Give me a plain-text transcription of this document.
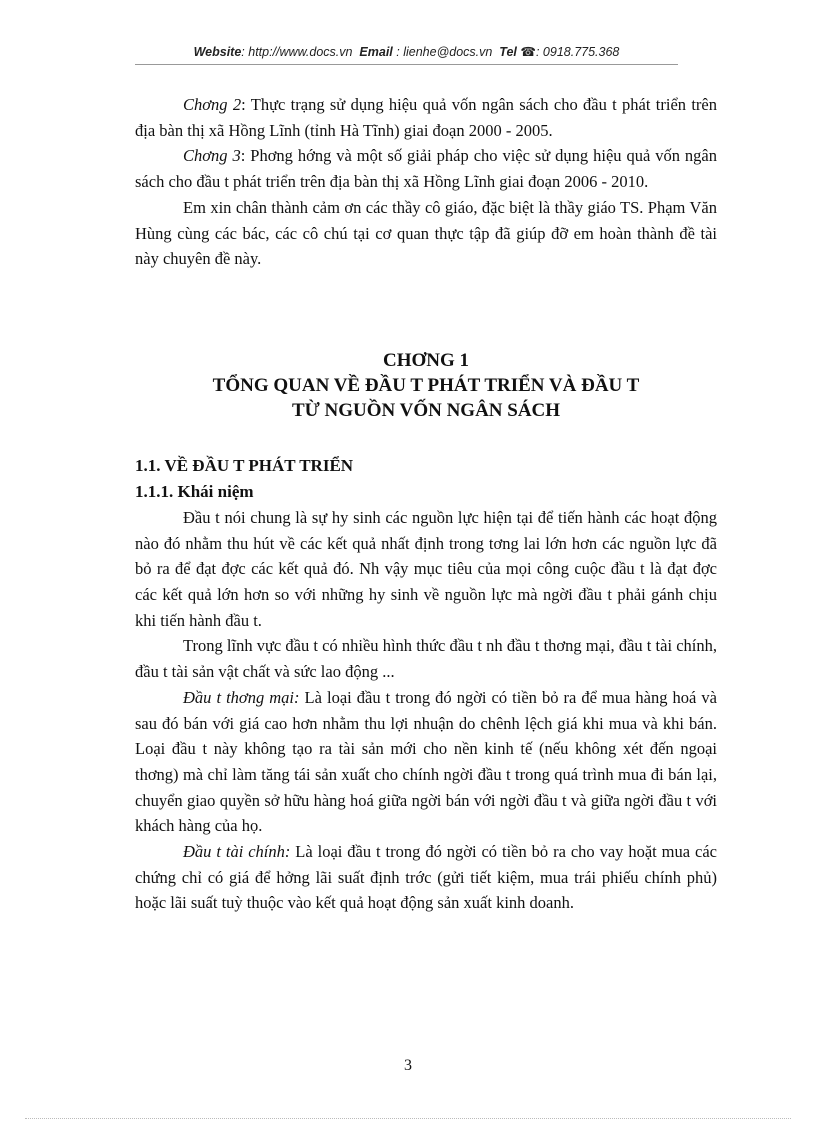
Website: http://www.docs.vn Email : lienhe@docs.vn Tel ☎: 0918.775.368

Chơng 2: Thực trạng sử dụng hiệu quả vốn ngân sách cho đầu t phát triển trên địa bàn thị xã Hồng Lĩnh (tỉnh Hà Tĩnh) giai đoạn 2000 - 2005.

Chơng 3: Phơng hớng và một số giải pháp cho việc sử dụng hiệu quả vốn ngân sách cho đầu t phát triển trên địa bàn thị xã Hồng Lĩnh giai đoạn 2006 - 2010.

Em xin chân thành cảm ơn các thầy cô giáo, đặc biệt là thầy giáo TS. Phạm Văn Hùng cùng các bác, các cô chú tại cơ quan thực tập đã giúp đỡ em hoàn thành đề tài này chuyên đề này.

CHƠNG 1
TỔNG QUAN VỀ ĐẦU T PHÁT TRIỂN VÀ ĐẦU T
TỪ NGUỒN VỐN NGÂN SÁCH
1.1. VỀ ĐẦU T PHÁT TRIỂN
1.1.1. Khái niệm

Đầu t nói chung là sự hy sinh các nguồn lực hiện tại để tiến hành các hoạt động nào đó nhằm thu hút về các kết quả nhất định trong tơng lai lớn hơn các nguồn lực đã bỏ ra để đạt đợc các kết quả đó. Nh vậy mục tiêu của mọi công cuộc đầu t là đạt đợc các kết quả lớn hơn so với những hy sinh về nguồn lực mà ngời đầu t phải gánh chịu khi tiến hành đầu t.

Trong lĩnh vực đầu t có nhiều hình thức đầu t nh đầu t thơng mại, đầu t tài chính, đầu t tài sản vật chất và sức lao động ...

Đầu t thơng mại: Là loại đầu t trong đó ngời có tiền bỏ ra để mua hàng hoá và sau đó bán với giá cao hơn nhằm thu lợi nhuận do chênh lệch giá khi mua và khi bán. Loại đầu t này không tạo ra tài sản mới cho nền kinh tế (nếu không xét đến ngoại thơng) mà chỉ làm tăng tái sản xuất cho chính ngời đầu t trong quá trình mua đi bán lại, chuyển giao quyền sở hữu hàng hoá giữa ngời bán với ngời đầu t và giữa ngời đầu t với khách hàng của họ.

Đầu t tài chính: Là loại đầu t trong đó ngời có tiền bỏ ra cho vay hoặt mua các chứng chỉ có giá để hởng lãi suất định trớc (gửi tiết kiệm, mua trái phiếu chính phủ) hoặc lãi suất tuỳ thuộc vào kết quả hoạt động sản xuất kinh doanh.

3
